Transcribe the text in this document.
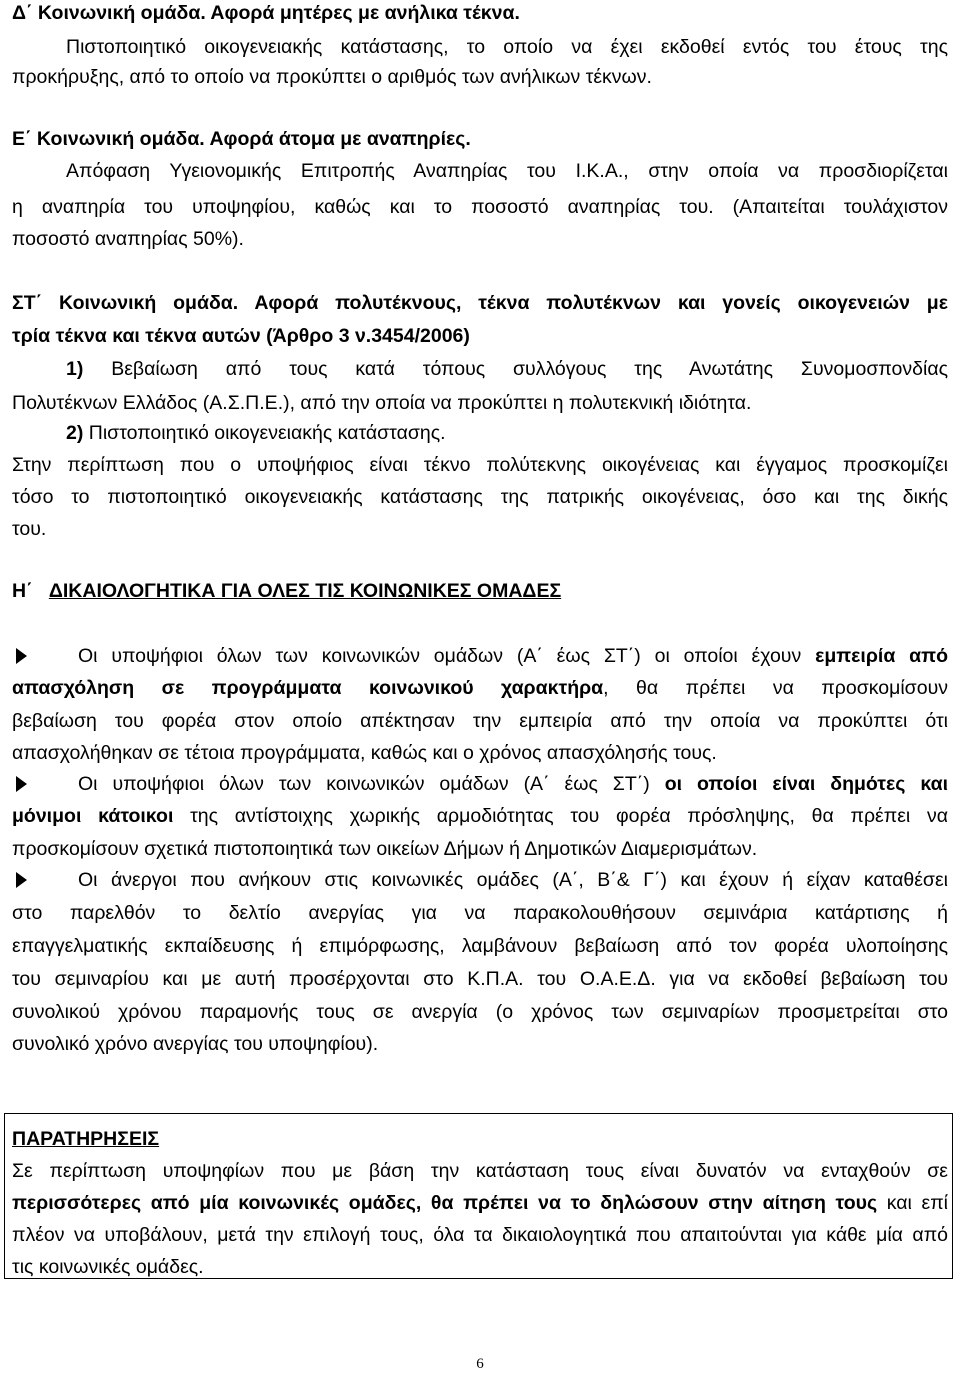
Δ΄ Κοινωνική ομάδα. Αφορά μητέρες με ανήλικα τέκνα.
Πιστοποιητικό οικογενειακής κατάστασης, το οποίο να έχει εκδοθεί εντός του έτους της
προκήρυξης, από το οποίο να προκύπτει ο αριθμός των ανήλικων τέκνων.
Ε΄ Κοινωνική ομάδα. Αφορά άτομα με αναπηρίες.
Απόφαση Υγειονομικής Επιτροπής Αναπηρίας του Ι.Κ.Α., στην οποία να προσδιορίζεται
η αναπηρία του υποψηφίου, καθώς και το ποσοστό αναπηρίας του. (Απαιτείται τουλάχιστον
ποσοστό αναπηρίας 50%).
ΣΤ΄ Κοινωνική ομάδα. Αφορά πολυτέκνους, τέκνα πολυτέκνων και γονείς οικογενειών με
τρία τέκνα και τέκνα αυτών (Άρθρο 3 ν.3454/2006)
1) Βεβαίωση από τους κατά τόπους συλλόγους της Ανωτάτης Συνομοσπονδίας
Πολυτέκνων Ελλάδος (Α.Σ.Π.Ε.), από την οποία να προκύπτει η πολυτεκνική ιδιότητα.
2) Πιστοποιητικό οικογενειακής κατάστασης.
Στην περίπτωση που ο υποψήφιος είναι τέκνο πολύτεκνης οικογένειας και έγγαμος προσκομίζει
τόσο το πιστοποιητικό οικογενειακής κατάστασης της πατρικής οικογένειας, όσο και της δικής
του.
Η΄ ΔΙΚΑΙΟΛΟΓΗΤΙΚΑ ΓΙΑ ΟΛΕΣ ΤΙΣ ΚΟΙΝΩΝΙΚΕΣ ΟΜΑΔΕΣ
Οι υποψήφιοι όλων των κοινωνικών ομάδων (Α΄ έως ΣΤ΄) οι οποίοι έχουν εμπειρία από
απασχόληση σε προγράμματα κοινωνικού χαρακτήρα, θα πρέπει να προσκομίσουν
βεβαίωση του φορέα στον οποίο απέκτησαν την εμπειρία από την οποία να προκύπτει ότι
απασχολήθηκαν σε τέτοια προγράμματα, καθώς και ο χρόνος απασχόλησής τους.
Οι υποψήφιοι όλων των κοινωνικών ομάδων (Α΄ έως ΣΤ΄) οι οποίοι είναι δημότες και
μόνιμοι κάτοικοι της αντίστοιχης χωρικής αρμοδιότητας του φορέα πρόσληψης, θα πρέπει να
προσκομίσουν σχετικά πιστοποιητικά των οικείων Δήμων ή Δημοτικών Διαμερισμάτων.
Οι άνεργοι που ανήκουν στις κοινωνικές ομάδες (Α΄, Β΄& Γ΄) και έχουν ή είχαν καταθέσει
στο παρελθόν το δελτίο ανεργίας για να παρακολουθήσουν σεμινάρια κατάρτισης ή
επαγγελματικής εκπαίδευσης ή επιμόρφωσης, λαμβάνουν βεβαίωση από τον φορέα υλοποίησης
του σεμιναρίου και με αυτή προσέρχονται στο Κ.Π.Α. του Ο.Α.Ε.Δ. για να εκδοθεί βεβαίωση του
συνολικού χρόνου παραμονής τους σε ανεργία (ο χρόνος των σεμιναρίων προσμετρείται στο
συνολικό χρόνο ανεργίας του υποψηφίου).
ΠΑΡΑΤΗΡΗΣΕΙΣ
Σε περίπτωση υποψηφίων που με βάση την κατάσταση τους είναι δυνατόν να ενταχθούν σε
περισσότερες από μία κοινωνικές ομάδες, θα πρέπει να το δηλώσουν στην αίτηση τους και επί
πλέον να υποβάλουν, μετά την επιλογή τους, όλα τα δικαιολογητικά που απαιτούνται για κάθε μία από
τις κοινωνικές ομάδες.
6
